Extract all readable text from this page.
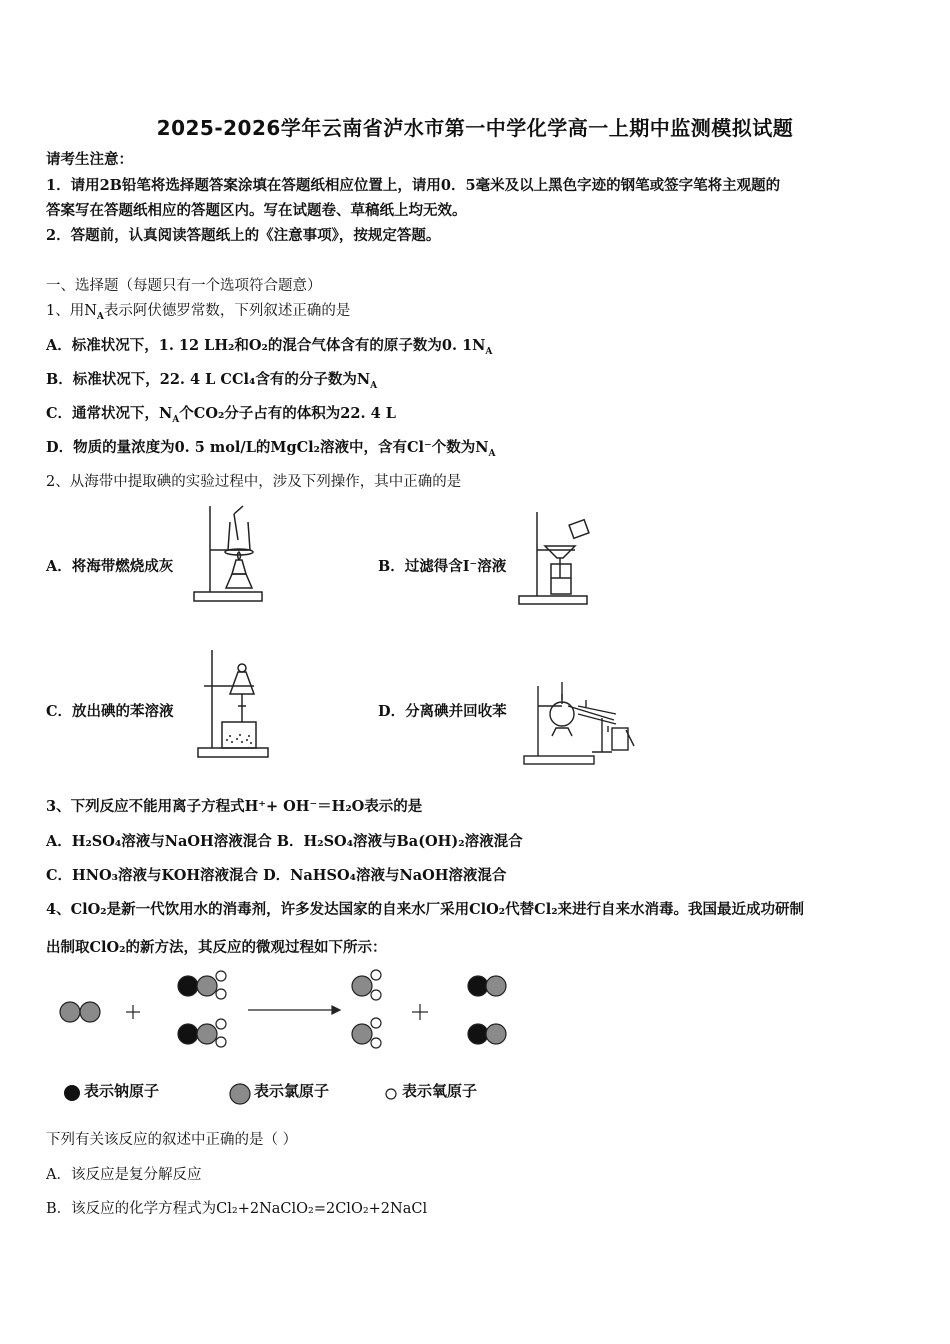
2025-2026学年云南省泸水市第一中学化学高一上期中监测模拟试题
请考生注意：
1．请用2B铅笔将选择题答案涂填在答题纸相应位置上，请用0．5毫米及以上黑色字迹的钢笔或签字笔将主观题的
答案写在答题纸相应的答题区内。写在试题卷、草稿纸上均无效。
2．答题前，认真阅读答题纸上的《注意事项》，按规定答题。
一、选择题（每题只有一个选项符合题意）
1、用$N_A$表示阿伏德罗常数，下列叙述正确的是
A．标准状况下，1. 12 LH₂和O₂的混合气体含有的原子数为0. $1N_A$
B．标准状况下，22. 4 L CCl₄含有的分子数为$N_A$
C．通常状况下，$N_A$个CO₂分子占有的体积为22. 4 L
D．物质的量浓度为0. 5 mol/L的MgCl₂溶液中，含有Cl⁻个数为$N_A$
2、从海带中提取碘的实验过程中，涉及下列操作，其中正确的是
A．将海带燃烧成灰	B．过滤得含I⁻溶液
C．放出碘的苯溶液	D．分离碘并回收苯
3、下列反应不能用离子方程式H⁺+ OH⁻＝H₂O表示的是
A．H₂SO₄溶液与NaOH溶液混合 B．H₂SO₄溶液与Ba(OH)₂溶液混合
C．HNO₃溶液与KOH溶液混合 D．NaHSO₄溶液与NaOH溶液混合
4、ClO₂是新一代饮用水的消毒剂，许多发达国家的自来水厂采用ClO₂代替Cl₂来进行自来水消毒。我国最近成功研制
出制取ClO₂的新方法，其反应的微观过程如下所示：
表示钠原子	表示氯原子	表示氧原子
下列有关该反应的叙述中正确的是（ ）
A．该反应是复分解反应
B．该反应的化学方程式为Cl₂+2NaClO₂=2ClO₂+2NaCl
